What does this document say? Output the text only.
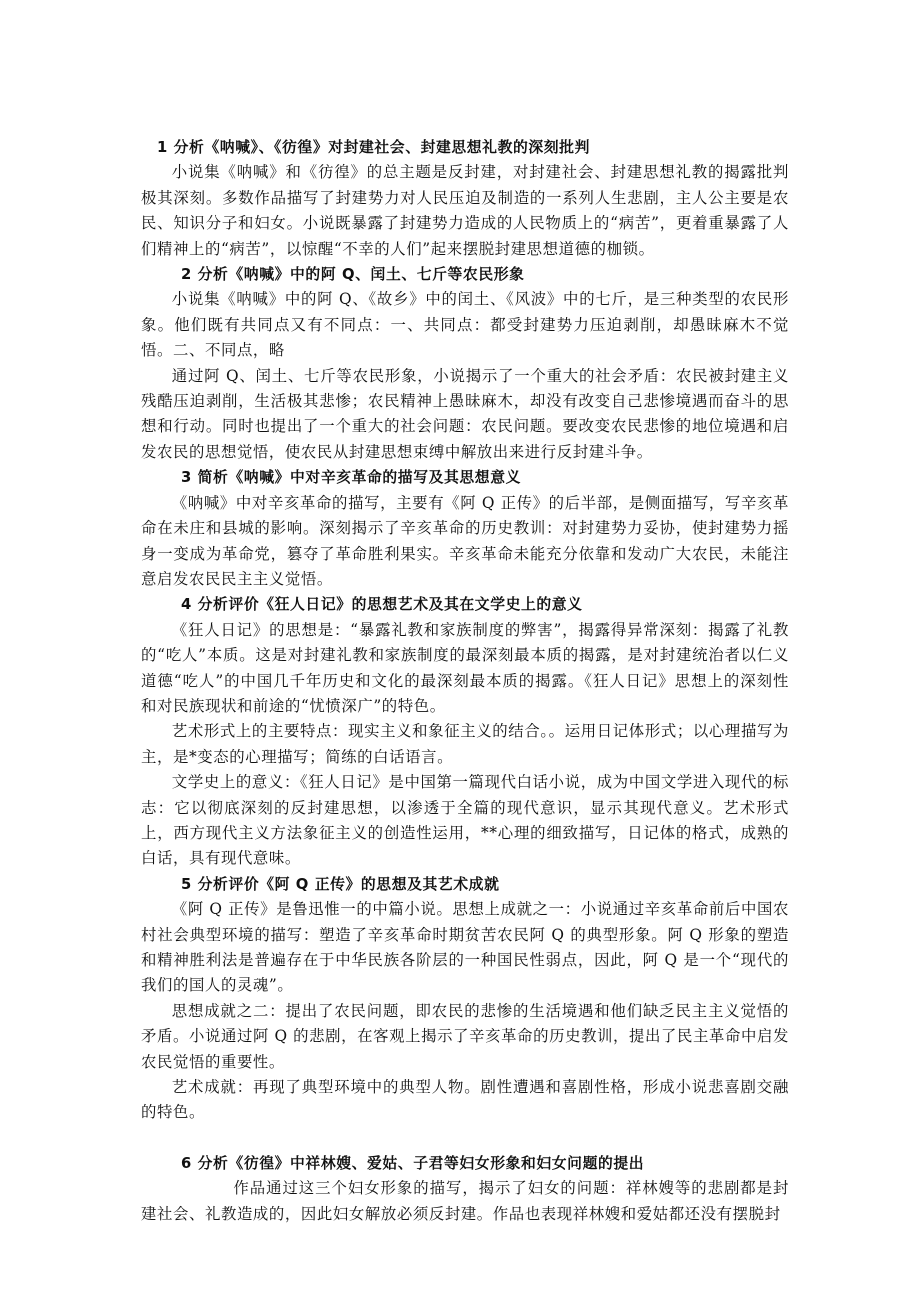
1 分析《呐喊》、《彷徨》对封建社会、封建思想礼教的深刻批判

小说集《呐喊》和《彷徨》的总主题是反封建，对封建社会、封建思想礼教的揭露批判极其深刻。多数作品描写了封建势力对人民压迫及制造的一系列人生悲剧，主人公主要是农民、知识分子和妇女。小说既暴露了封建势力造成的人民物质上的“病苦”，更着重暴露了人们精神上的“病苦”，以惊醒“不幸的人们”起来摆脱封建思想道德的枷锁。

2 分析《呐喊》中的阿 Q、闰土、七斤等农民形象

小说集《呐喊》中的阿 Q、《故乡》中的闰土、《风波》中的七斤，是三种类型的农民形象。他们既有共同点又有不同点：一、共同点：都受封建势力压迫剥削，却愚昧麻木不觉悟。二、不同点，略

通过阿 Q、闰土、七斤等农民形象，小说揭示了一个重大的社会矛盾：农民被封建主义残酷压迫剥削，生活极其悲惨；农民精神上愚昧麻木，却没有改变自己悲惨境遇而奋斗的思想和行动。同时也提出了一个重大的社会问题：农民问题。要改变农民悲惨的地位境遇和启发农民的思想觉悟，使农民从封建思想束缚中解放出来进行反封建斗争。

3 简析《呐喊》中对辛亥革命的描写及其思想意义

《呐喊》中对辛亥革命的描写，主要有《阿 Q 正传》的后半部，是侧面描写，写辛亥革命在未庄和县城的影响。深刻揭示了辛亥革命的历史教训：对封建势力妥协，使封建势力摇身一变成为革命党，篡夺了革命胜利果实。辛亥革命未能充分依靠和发动广大农民，未能注意启发农民民主主义觉悟。

4 分析评价《狂人日记》的思想艺术及其在文学史上的意义

《狂人日记》的思想是：“暴露礼教和家族制度的弊害”，揭露得异常深刻：揭露了礼教的“吃人”本质。这是对封建礼教和家族制度的最深刻最本质的揭露，是对封建统治者以仁义道德“吃人”的中国几千年历史和文化的最深刻最本质的揭露。《狂人日记》思想上的深刻性和对民族现状和前途的“忧愤深广”的特色。

艺术形式上的主要特点：现实主义和象征主义的结合。。运用日记体形式；以心理描写为主，是*变态的心理描写；简练的白话语言。

文学史上的意义：《狂人日记》是中国第一篇现代白话小说，成为中国文学进入现代的标志：它以彻底深刻的反封建思想，以渗透于全篇的现代意识，显示其现代意义。艺术形式上，西方现代主义方法象征主义的创造性运用，**心理的细致描写，日记体的格式，成熟的白话，具有现代意味。

5 分析评价《阿 Q 正传》的思想及其艺术成就

《阿 Q 正传》是鲁迅惟一的中篇小说。思想上成就之一：小说通过辛亥革命前后中国农村社会典型环境的描写：塑造了辛亥革命时期贫苦农民阿 Q 的典型形象。阿 Q 形象的塑造和精神胜利法是普遍存在于中华民族各阶层的一种国民性弱点，因此，阿 Q 是一个“现代的我们的国人的灵魂”。

思想成就之二：提出了农民问题，即农民的悲惨的生活境遇和他们缺乏民主主义觉悟的矛盾。小说通过阿 Q 的悲剧，在客观上揭示了辛亥革命的历史教训，提出了民主革命中启发农民觉悟的重要性。

艺术成就：再现了典型环境中的典型人物。剧性遭遇和喜剧性格，形成小说悲喜剧交融的特色。

6 分析《彷徨》中祥林嫂、爱姑、子君等妇女形象和妇女问题的提出

作品通过这三个妇女形象的描写，揭示了妇女的问题：祥林嫂等的悲剧都是封建社会、礼教造成的，因此妇女解放必须反封建。作品也表现祥林嫂和爱姑都还没有摆脱封
